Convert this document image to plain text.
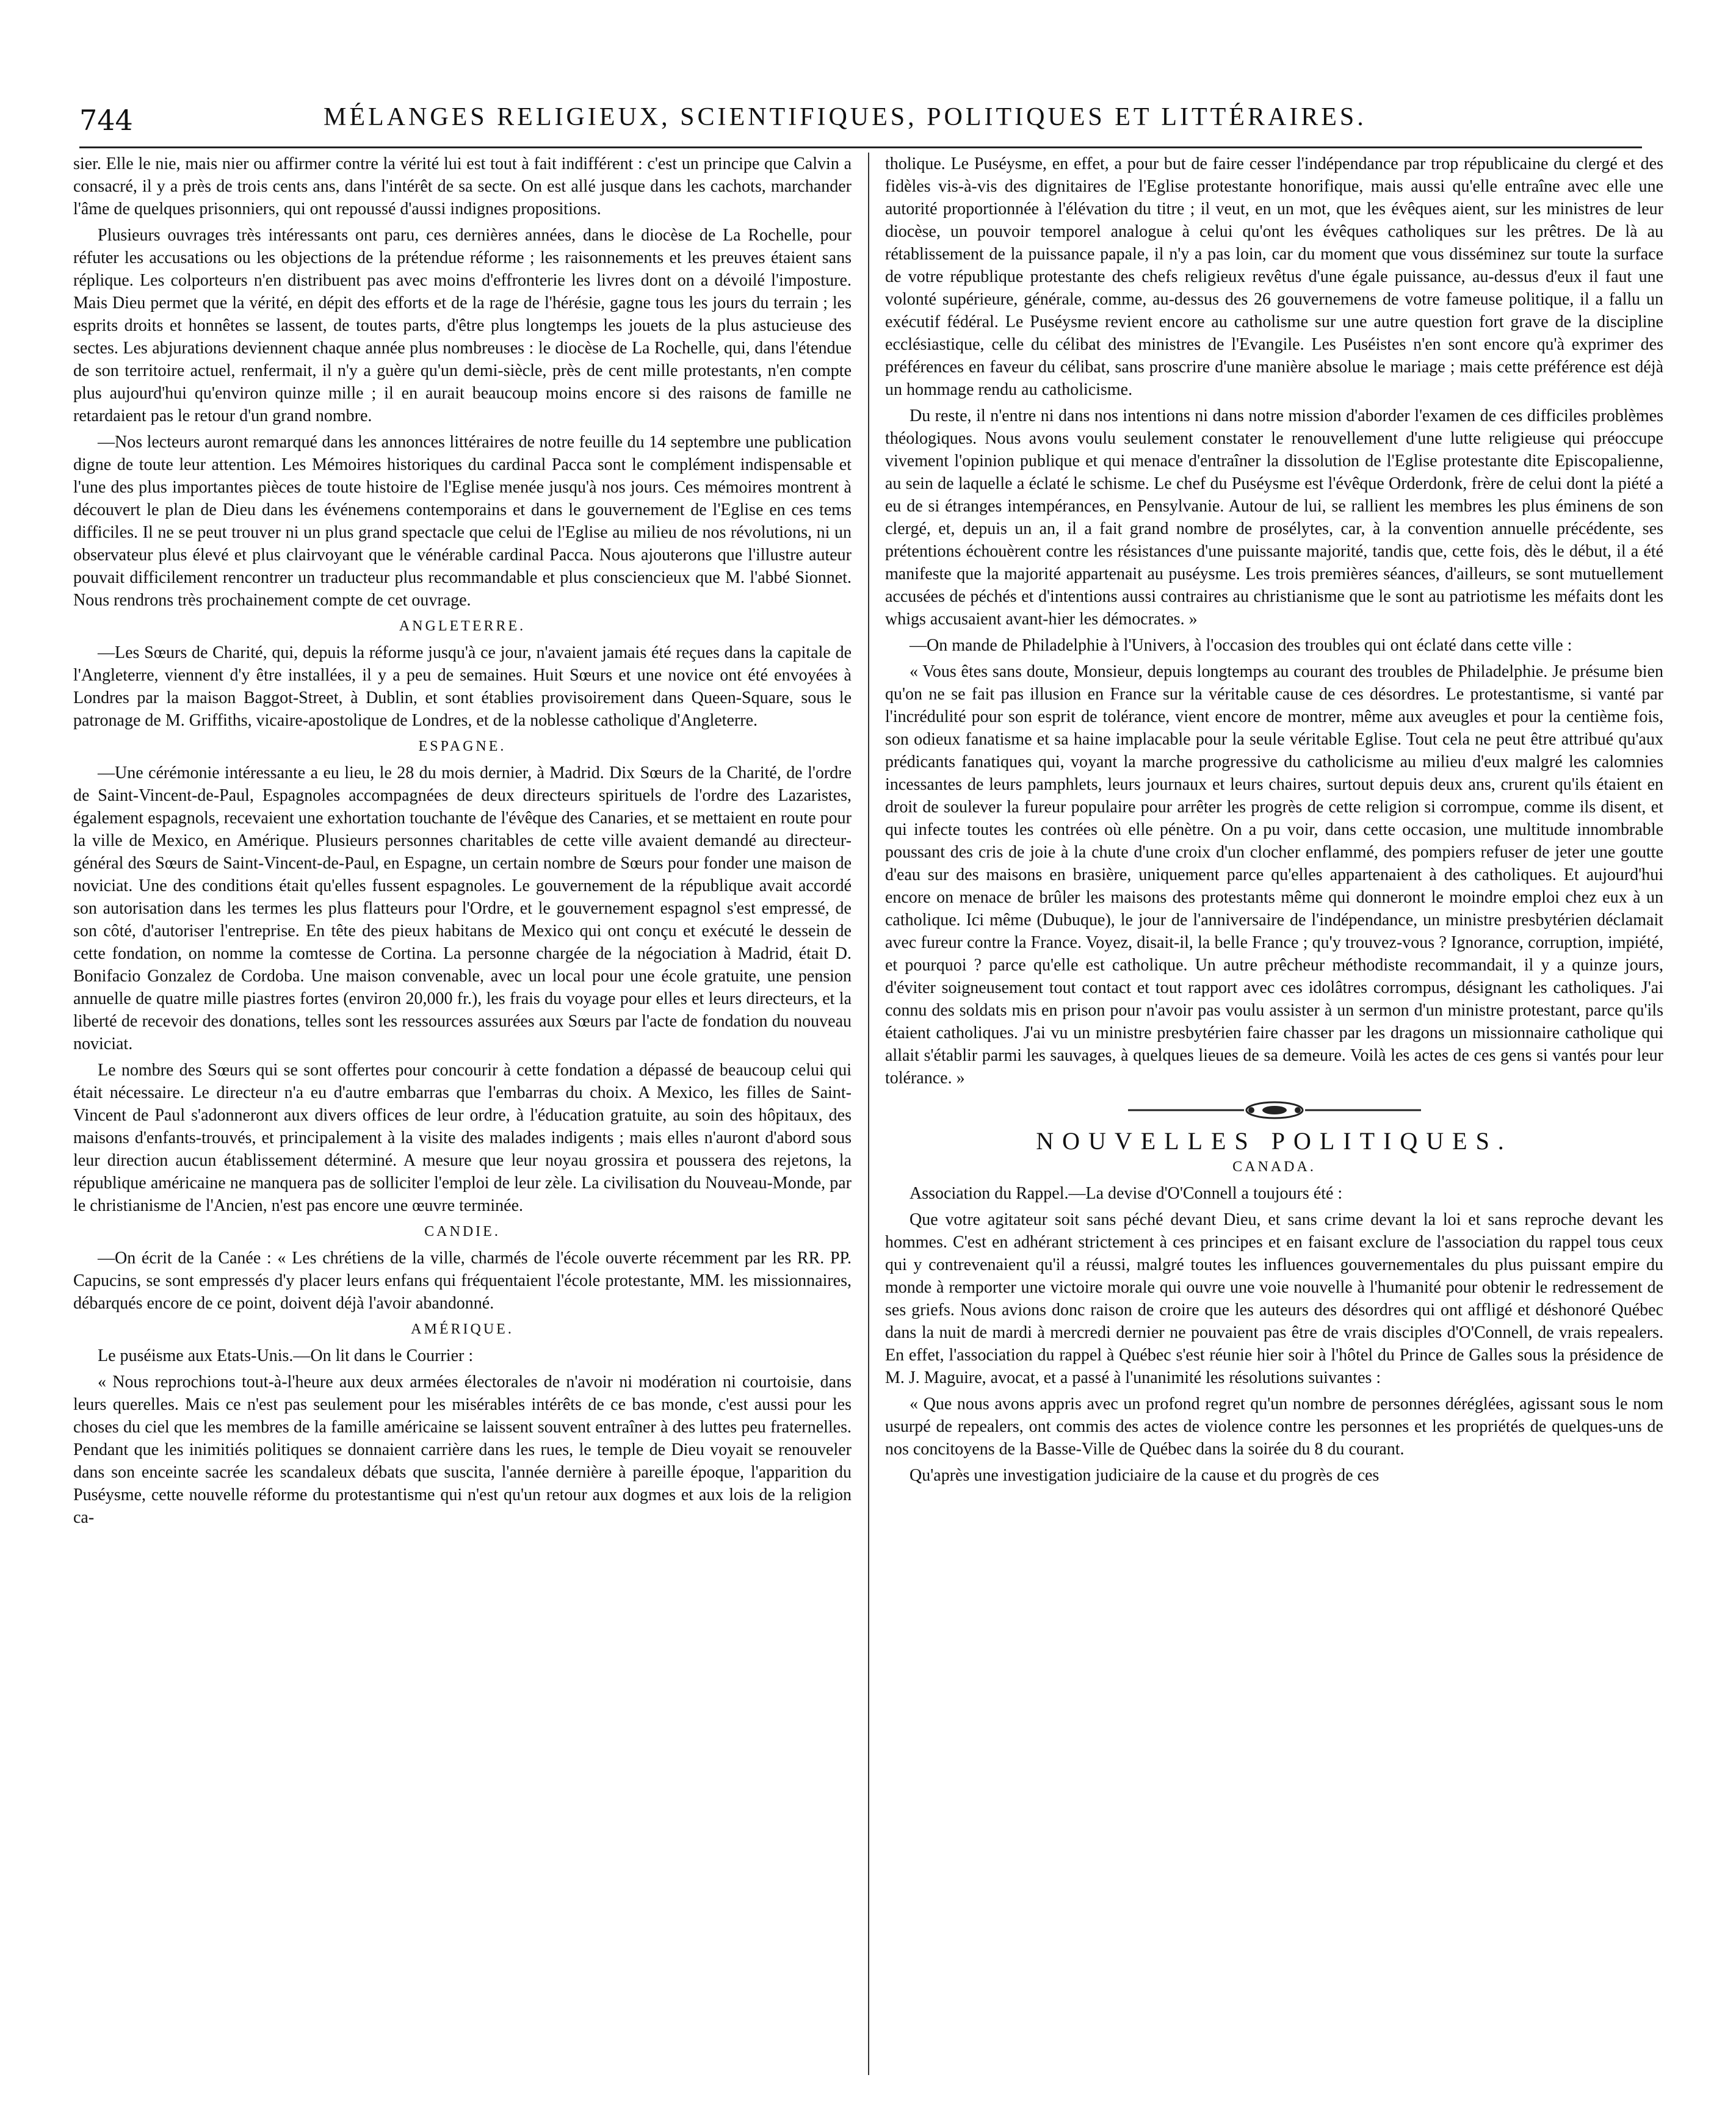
744	MÉLANGES RELIGIEUX, SCIENTIFIQUES, POLITIQUES ET LITTÉRAIRES.

sier. Elle le nie, mais nier ou affirmer contre la vérité lui est tout à fait indifférent : c'est un principe que Calvin a consacré, il y a près de trois cents ans, dans l'intérêt de sa secte. On est allé jusque dans les cachots, marchander l'âme de quelques prisonniers, qui ont repoussé d'aussi indignes propositions.

Plusieurs ouvrages très intéressants ont paru, ces dernières années, dans le diocèse de La Rochelle, pour réfuter les accusations ou les objections de la prétendue réforme ; les raisonnements et les preuves étaient sans réplique. Les colporteurs n'en distribuent pas avec moins d'effronterie les livres dont on a dévoilé l'imposture. Mais Dieu permet que la vérité, en dépit des efforts et de la rage de l'hérésie, gagne tous les jours du terrain ; les esprits droits et honnêtes se lassent, de toutes parts, d'être plus longtemps les jouets de la plus astucieuse des sectes. Les abjurations deviennent chaque année plus nombreuses : le diocèse de La Rochelle, qui, dans l'étendue de son territoire actuel, renfermait, il n'y a guère qu'un demi-siècle, près de cent mille protestants, n'en compte plus aujourd'hui qu'environ quinze mille ; il en aurait beaucoup moins encore si des raisons de famille ne retardaient pas le retour d'un grand nombre.

—Nos lecteurs auront remarqué dans les annonces littéraires de notre feuille du 14 septembre une publication digne de toute leur attention. Les Mémoires historiques du cardinal Pacca sont le complément indispensable et l'une des plus importantes pièces de toute histoire de l'Eglise menée jusqu'à nos jours. Ces mémoires montrent à découvert le plan de Dieu dans les événemens contemporains et dans le gouvernement de l'Eglise en ces tems difficiles. Il ne se peut trouver ni un plus grand spectacle que celui de l'Eglise au milieu de nos révolutions, ni un observateur plus élevé et plus clairvoyant que le vénérable cardinal Pacca. Nous ajouterons que l'illustre auteur pouvait difficilement rencontrer un traducteur plus recommandable et plus consciencieux que M. l'abbé Sionnet. Nous rendrons très prochainement compte de cet ouvrage.

ANGLETERRE.

—Les Sœurs de Charité, qui, depuis la réforme jusqu'à ce jour, n'avaient jamais été reçues dans la capitale de l'Angleterre, viennent d'y être installées, il y a peu de semaines. Huit Sœurs et une novice ont été envoyées à Londres par la maison Baggot-Street, à Dublin, et sont établies provisoirement dans Queen-Square, sous le patronage de M. Griffiths, vicaire-apostolique de Londres, et de la noblesse catholique d'Angleterre.

ESPAGNE.

—Une cérémonie intéressante a eu lieu, le 28 du mois dernier, à Madrid. Dix Sœurs de la Charité, de l'ordre de Saint-Vincent-de-Paul, Espagnoles accompagnées de deux directeurs spirituels de l'ordre des Lazaristes, également espagnols, recevaient une exhortation touchante de l'évêque des Canaries, et se mettaient en route pour la ville de Mexico, en Amérique. Plusieurs personnes charitables de cette ville avaient demandé au directeur-général des Sœurs de Saint-Vincent-de-Paul, en Espagne, un certain nombre de Sœurs pour fonder une maison de noviciat. Une des conditions était qu'elles fussent espagnoles. Le gouvernement de la république avait accordé son autorisation dans les termes les plus flatteurs pour l'Ordre, et le gouvernement espagnol s'est empressé, de son côté, d'autoriser l'entreprise. En tête des pieux habitans de Mexico qui ont conçu et exécuté le dessein de cette fondation, on nomme la comtesse de Cortina. La personne chargée de la négociation à Madrid, était D. Bonifacio Gonzalez de Cordoba. Une maison convenable, avec un local pour une école gratuite, une pension annuelle de quatre mille piastres fortes (environ 20,000 fr.), les frais du voyage pour elles et leurs directeurs, et la liberté de recevoir des donations, telles sont les ressources assurées aux Sœurs par l'acte de fondation du nouveau noviciat.

Le nombre des Sœurs qui se sont offertes pour concourir à cette fondation a dépassé de beaucoup celui qui était nécessaire. Le directeur n'a eu d'autre embarras que l'embarras du choix. A Mexico, les filles de Saint-Vincent de Paul s'adonneront aux divers offices de leur ordre, à l'éducation gratuite, au soin des hôpitaux, des maisons d'enfants-trouvés, et principalement à la visite des malades indigents ; mais elles n'auront d'abord sous leur direction aucun établissement déterminé. A mesure que leur noyau grossira et poussera des rejetons, la république américaine ne manquera pas de solliciter l'emploi de leur zèle. La civilisation du Nouveau-Monde, par le christianisme de l'Ancien, n'est pas encore une œuvre terminée.

CANDIE.

—On écrit de la Canée : « Les chrétiens de la ville, charmés de l'école ouverte récemment par les RR. PP. Capucins, se sont empressés d'y placer leurs enfans qui fréquentaient l'école protestante, MM. les missionnaires, débarqués encore de ce point, doivent déjà l'avoir abandonné.

AMÉRIQUE.

Le puséisme aux Etats-Unis.—On lit dans le Courrier :

« Nous reprochions tout-à-l'heure aux deux armées électorales de n'avoir ni modération ni courtoisie, dans leurs querelles. Mais ce n'est pas seulement pour les misérables intérêts de ce bas monde, c'est aussi pour les choses du ciel que les membres de la famille américaine se laissent souvent entraîner à des luttes peu fraternelles. Pendant que les inimitiés politiques se donnaient carrière dans les rues, le temple de Dieu voyait se renouveler dans son enceinte sacrée les scandaleux débats que suscita, l'année dernière à pareille époque, l'apparition du Puséysme, cette nouvelle réforme du protestantisme qui n'est qu'un retour aux dogmes et aux lois de la religion ca-

tholique. Le Puséysme, en effet, a pour but de faire cesser l'indépendance par trop républicaine du clergé et des fidèles vis-à-vis des dignitaires de l'Eglise protestante honorifique, mais aussi qu'elle entraîne avec elle une autorité proportionnée à l'élévation du titre ; il veut, en un mot, que les évêques aient, sur les ministres de leur diocèse, un pouvoir temporel analogue à celui qu'ont les évêques catholiques sur les prêtres. De là au rétablissement de la puissance papale, il n'y a pas loin, car du moment que vous disséminez sur toute la surface de votre république protestante des chefs religieux revêtus d'une égale puissance, au-dessus d'eux il faut une volonté supérieure, générale, comme, au-dessus des 26 gouvernemens de votre fameuse politique, il a fallu un exécutif fédéral. Le Puséysme revient encore au catholisme sur une autre question fort grave de la discipline ecclésiastique, celle du célibat des ministres de l'Evangile. Les Puséistes n'en sont encore qu'à exprimer des préférences en faveur du célibat, sans proscrire d'une manière absolue le mariage ; mais cette préférence est déjà un hommage rendu au catholicisme.

Du reste, il n'entre ni dans nos intentions ni dans notre mission d'aborder l'examen de ces difficiles problèmes théologiques. Nous avons voulu seulement constater le renouvellement d'une lutte religieuse qui préoccupe vivement l'opinion publique et qui menace d'entraîner la dissolution de l'Eglise protestante dite Episcopalienne, au sein de laquelle a éclaté le schisme. Le chef du Puséysme est l'évêque Orderdonk, frère de celui dont la piété a eu de si étranges intempérances, en Pensylvanie. Autour de lui, se rallient les membres les plus éminens de son clergé, et, depuis un an, il a fait grand nombre de prosélytes, car, à la convention annuelle précédente, ses prétentions échouèrent contre les résistances d'une puissante majorité, tandis que, cette fois, dès le début, il a été manifeste que la majorité appartenait au puséysme. Les trois premières séances, d'ailleurs, se sont mutuellement accusées de péchés et d'intentions aussi contraires au christianisme que le sont au patriotisme les méfaits dont les whigs accusaient avant-hier les démocrates. »

—On mande de Philadelphie à l'Univers, à l'occasion des troubles qui ont éclaté dans cette ville :

« Vous êtes sans doute, Monsieur, depuis longtemps au courant des troubles de Philadelphie. Je présume bien qu'on ne se fait pas illusion en France sur la véritable cause de ces désordres. Le protestantisme, si vanté par l'incrédulité pour son esprit de tolérance, vient encore de montrer, même aux aveugles et pour la centième fois, son odieux fanatisme et sa haine implacable pour la seule véritable Eglise. Tout cela ne peut être attribué qu'aux prédicants fanatiques qui, voyant la marche progressive du catholicisme au milieu d'eux malgré les calomnies incessantes de leurs pamphlets, leurs journaux et leurs chaires, surtout depuis deux ans, crurent qu'ils étaient en droit de soulever la fureur populaire pour arrêter les progrès de cette religion si corrompue, comme ils disent, et qui infecte toutes les contrées où elle pénètre. On a pu voir, dans cette occasion, une multitude innombrable poussant des cris de joie à la chute d'une croix d'un clocher enflammé, des pompiers refuser de jeter une goutte d'eau sur des maisons en brasière, uniquement parce qu'elles appartenaient à des catholiques. Et aujourd'hui encore on menace de brûler les maisons des protestants même qui donneront le moindre emploi chez eux à un catholique. Ici même (Dubuque), le jour de l'anniversaire de l'indépendance, un ministre presbytérien déclamait avec fureur contre la France. Voyez, disait-il, la belle France ; qu'y trouvez-vous ? Ignorance, corruption, impiété, et pourquoi ? parce qu'elle est catholique. Un autre prêcheur méthodiste recommandait, il y a quinze jours, d'éviter soigneusement tout contact et tout rapport avec ces idolâtres corrompus, désignant les catholiques. J'ai connu des soldats mis en prison pour n'avoir pas voulu assister à un sermon d'un ministre protestant, parce qu'ils étaient catholiques. J'ai vu un ministre presbytérien faire chasser par les dragons un missionnaire catholique qui allait s'établir parmi les sauvages, à quelques lieues de sa demeure. Voilà les actes de ces gens si vantés pour leur tolérance. »

NOUVELLES POLITIQUES.
CANADA.

Association du Rappel.—La devise d'O'Connell a toujours été :

Que votre agitateur soit sans péché devant Dieu, et sans crime devant la loi et sans reproche devant les hommes. C'est en adhérant strictement à ces principes et en faisant exclure de l'association du rappel tous ceux qui y contrevenaient qu'il a réussi, malgré toutes les influences gouvernementales du plus puissant empire du monde à remporter une victoire morale qui ouvre une voie nouvelle à l'humanité pour obtenir le redressement de ses griefs. Nous avions donc raison de croire que les auteurs des désordres qui ont affligé et déshonoré Québec dans la nuit de mardi à mercredi dernier ne pouvaient pas être de vrais disciples d'O'Connell, de vrais repealers. En effet, l'association du rappel à Québec s'est réunie hier soir à l'hôtel du Prince de Galles sous la présidence de M. J. Maguire, avocat, et a passé à l'unanimité les résolutions suivantes :

« Que nous avons appris avec un profond regret qu'un nombre de personnes déréglées, agissant sous le nom usurpé de repealers, ont commis des actes de violence contre les personnes et les propriétés de quelques-uns de nos concitoyens de la Basse-Ville de Québec dans la soirée du 8 du courant.

Qu'après une investigation judiciaire de la cause et du progrès de ces
